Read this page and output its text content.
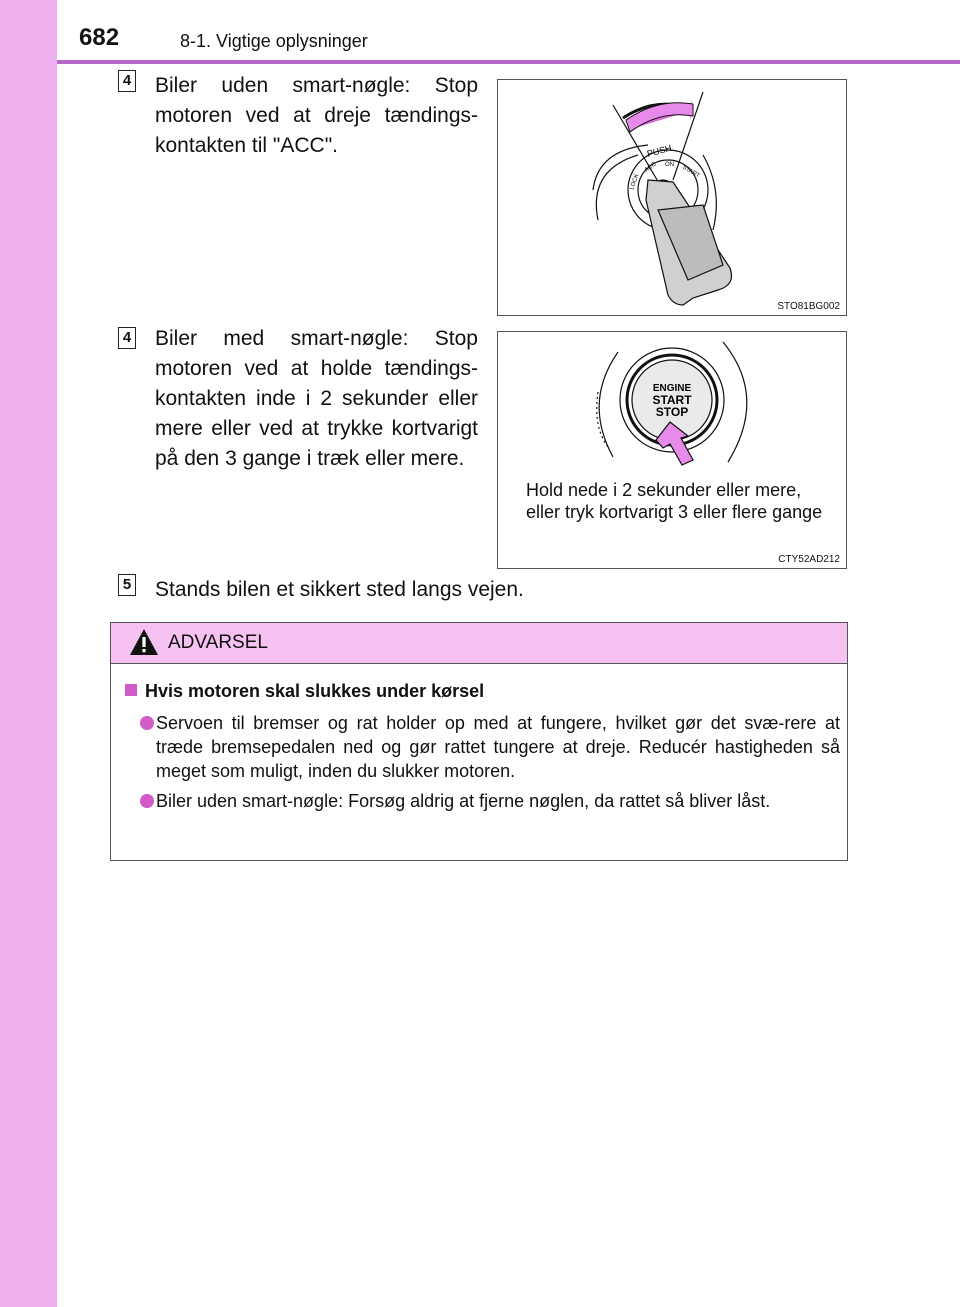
682	8-1. Vigtige oplysninger
4 Biler uden smart-nøgle: Stop motoren ved at dreje tændings-kontakten til "ACC".	PUSH
LOCK
ACC ON START
STO81BG002
4 Biler med smart-nøgle: Stop motoren ved at holde tændings-kontakten inde i 2 sekunder eller mere eller ved at trykke kortvarigt på den 3 gange i træk eller mere.
ENGINE
START
STOP
Hold nede i 2 sekunder eller mere, eller tryk kortvarigt 3 eller flere gange
CTY52AD212
5 Stands bilen et sikkert sted langs vejen.
ADVARSEL
Hvis motoren skal slukkes under kørsel
Servoen til bremser og rat holder op med at fungere, hvilket gør det svæ-rere at træde bremsepedalen ned og gør rattet tungere at dreje. Reducér hastigheden så meget som muligt, inden du slukker motoren.
Biler uden smart-nøgle: Forsøg aldrig at fjerne nøglen, da rattet så bliver låst.
